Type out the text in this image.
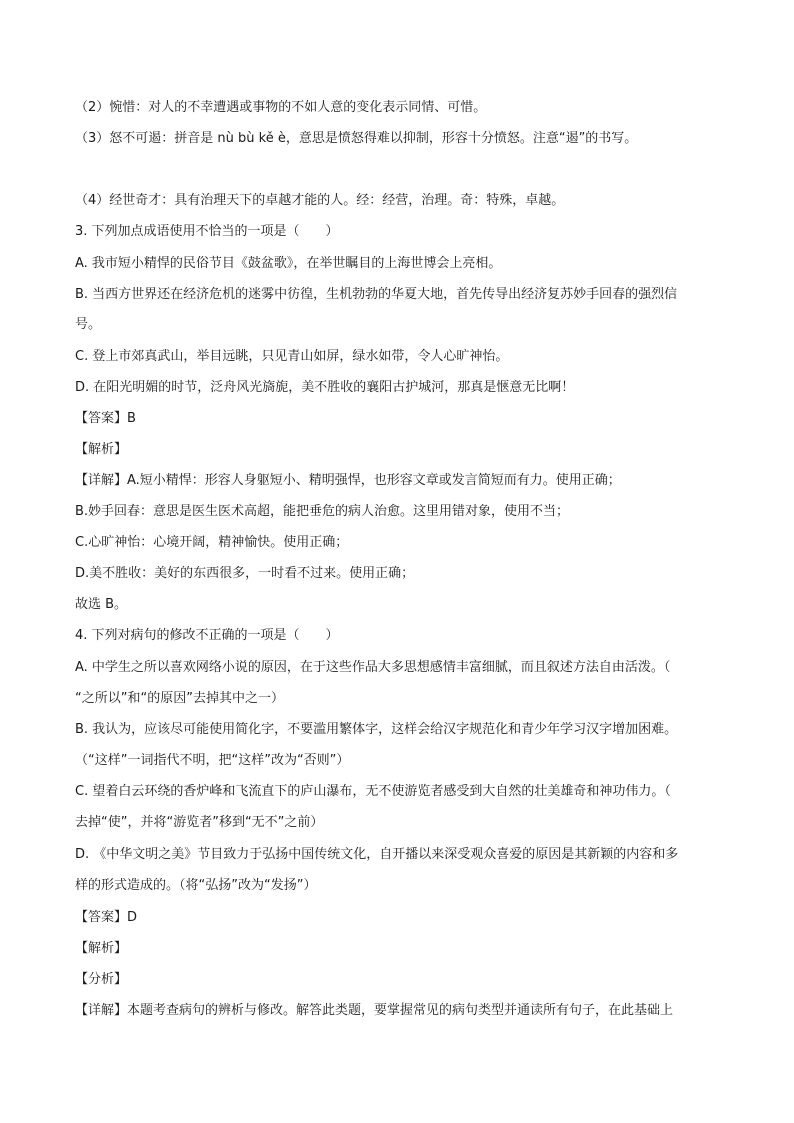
（2）惋惜：对人的不幸遭遇或事物的不如人意的变化表示同情、可惜。
（3）怒不可遏：拼音是 nù bù kě è，意思是愤怒得难以抑制，形容十分愤怒。注意“遏”的书写。
（4）经世奇才：具有治理天下的卓越才能的人。经：经营，治理。奇：特殊，卓越。
3. 下列加点成语使用不恰当的一项是（　　）
A. 我市短小精悍的民俗节目《鼓盆歌》，在举世瞩目的上海世博会上亮相。
B. 当西方世界还在经济危机的迷雾中彷徨，生机勃勃的华夏大地，首先传导出经济复苏妙手回春的强烈信
号。
C. 登上市郊真武山，举目远眺，只见青山如屏，绿水如带，令人心旷神怡。
D. 在阳光明媚的时节，泛舟风光旖旎，美不胜收的襄阳古护城河，那真是惬意无比啊！
【答案】B
【解析】
【详解】A.短小精悍：形容人身躯短小、精明强悍，也形容文章或发言简短而有力。使用正确；
B.妙手回春：意思是医生医术高超，能把垂危的病人治愈。这里用错对象，使用不当；
C.心旷神怡：心境开阔，精神愉快。使用正确；
D.美不胜收：美好的东西很多，一时看不过来。使用正确；
故选 B。
4. 下列对病句的修改不正确的一项是（　　）
A. 中学生之所以喜欢网络小说的原因，在于这些作品大多思想感情丰富细腻，而且叙述方法自由活泼。（
“之所以”和“的原因”去掉其中之一）
B. 我认为，应该尽可能使用简化字，不要滥用繁体字，这样会给汉字规范化和青少年学习汉字增加困难。
（“这样”一词指代不明，把“这样”改为“否则”）
C. 望着白云环绕的香炉峰和飞流直下的庐山瀑布，无不使游览者感受到大自然的壮美雄奇和神功伟力。（
去掉“使”，并将“游览者”移到“无不”之前）
D. 《中华文明之美》节目致力于弘扬中国传统文化，自开播以来深受观众喜爱的原因是其新颖的内容和多
样的形式造成的。（将“弘扬”改为“发扬”）
【答案】D
【解析】
【分析】
【详解】本题考查病句的辨析与修改。解答此类题，要掌握常见的病句类型并通读所有句子，在此基础上
